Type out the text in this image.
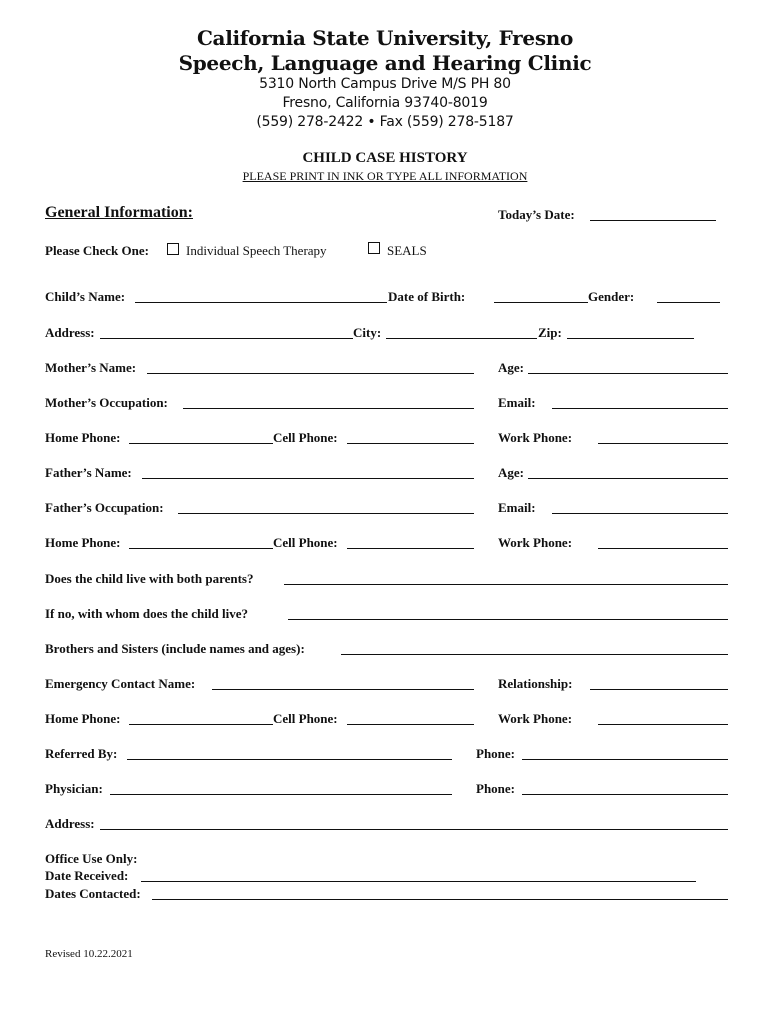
California State University, Fresno
Speech, Language and Hearing Clinic
5310 North Campus Drive M/S PH 80
Fresno, California 93740-8019
(559) 278-2422 • Fax (559) 278-5187
CHILD CASE HISTORY
PLEASE PRINT IN INK OR TYPE ALL INFORMATION
General Information:	Today’s Date:
Please Check One:	Individual Speech Therapy	SEALS
Child’s Name:	Date of Birth:	Gender:
Address:	City:	Zip:
Mother’s Name:	Age:
Mother’s Occupation:	Email:
Home Phone:	Cell Phone:	Work Phone:
Father’s Name:	Age:
Father’s Occupation:	Email:
Home Phone:	Cell Phone:	Work Phone:
Does the child live with both parents?
If no, with whom does the child live?
Brothers and Sisters (include names and ages):
Emergency Contact Name:	Relationship:
Home Phone:	Cell Phone:	Work Phone:
Referred By:	Phone:
Physician:	Phone:
Address:
Office Use Only:
Date Received:
Dates Contacted:
Revised 10.22.2021
